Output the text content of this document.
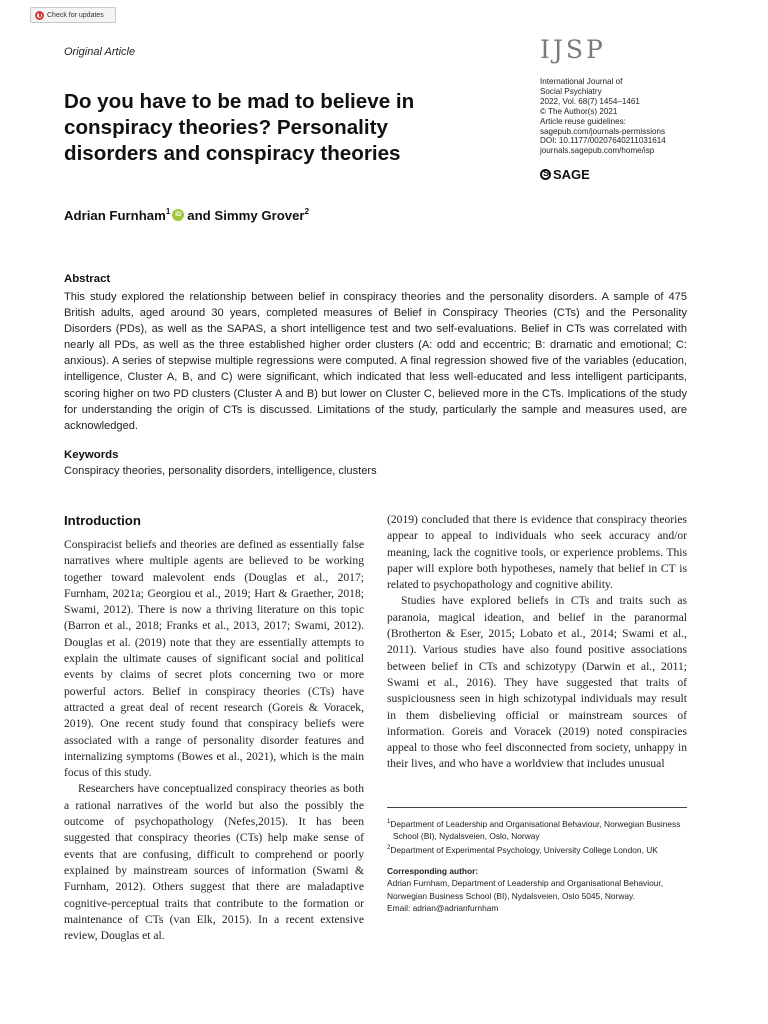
Check for updates
Original Article	IJSP
International Journal of
Social Psychiatry
2022, Vol. 68(7) 1454–1461
© The Author(s) 2021
Article reuse guidelines:
sagepub.com/journals-permissions
DOI: 10.1177/00207640211031614
journals.sagepub.com/home/isp
S
SAGE
Do you have to be mad to believe in conspiracy theories? Personality disorders and conspiracy theories
Adrian Furnham$^1$ iD and Simmy Grover$^2$
Abstract
This study explored the relationship between belief in conspiracy theories and the personality disorders. A sample of 475 British adults, aged around 30 years, completed measures of Belief in Conspiracy Theories (CTs) and the Personality Disorders (PDs), as well as the SAPAS, a short intelligence test and two self-evaluations. Belief in CTs was correlated with nearly all PDs, as well as the three established higher order clusters (A: odd and eccentric; B: dramatic and emotional; C: anxious). A series of stepwise multiple regressions were computed. A final regression showed five of the variables (education, intelligence, Cluster A, B, and C) were significant, which indicated that less well-educated and less intelligent participants, scoring higher on two PD clusters (Cluster A and B) but lower on Cluster C, believed more in the CTs. Implications of the study for understanding the origin of CTs is discussed. Limitations of the study, particularly the sample and measures used, are acknowledged.
Keywords
Conspiracy theories, personality disorders, intelligence, clusters
Introduction

Conspiracist beliefs and theories are defined as essentially false narratives where multiple agents are believed to be working together toward malevolent ends (Douglas et al., 2017; Furnham, 2021a; Georgiou et al., 2019; Hart & Graether, 2018; Swami, 2012). There is now a thriving literature on this topic (Barron et al., 2018; Franks et al., 2013, 2017; Swami, 2012). Douglas et al. (2019) note that they are essentially attempts to explain the ultimate causes of significant social and political events by claims of secret plots concerning two or more powerful actors. Belief in conspiracy theories (CTs) have attracted a great deal of recent research (Goreis & Voracek, 2019). One recent study found that conspiracy beliefs were associated with a range of personality disorder features and internalizing symptoms (Bowes et al., 2021), which is the main focus of this study.

Researchers have conceptualized conspiracy theories as both a rational narratives of the world but also the possibly the outcome of psychopathology (Nefes,2015). It has been suggested that conspiracy theories (CTs) help make sense of events that are confusing, difficult to comprehend or poorly explained by mainstream sources of information (Swami & Furnham, 2012). Others suggest that there are maladaptive cognitive-perceptual traits that contribute to the formation or maintenance of CTs (van Elk, 2015). In a recent extensive review, Douglas et al.

(2019) concluded that there is evidence that conspiracy theories appear to appeal to individuals who seek accuracy and/or meaning, lack the cognitive tools, or experience problems. This paper will explore both hypotheses, namely that belief in CT is related to psychopathology and cognitive ability.

Studies have explored beliefs in CTs and traits such as paranoia, magical ideation, and belief in the paranormal (Brotherton & Eser, 2015; Lobato et al., 2014; Swami et al., 2011). Various studies have also found positive associations between belief in CTs and schizotypy (Darwin et al., 2011; Swami et al., 2016). They have suggested that traits of suspiciousness seen in high schizotypal individuals may result in them disbelieving official or mainstream sources of information. Goreis and Voracek (2019) noted conspiracies appeal to those who feel disconnected from society, unhappy in their lives, and who have a worldview that includes unusual

$^1$Department of Leadership and Organisational Behaviour, Norwegian Business School (BI), Nydalsveien, Oslo, Norway

$^2$Department of Experimental Psychology, University College London, UK

Corresponding author:

Adrian Furnham, Department of Leadership and Organisational Behaviour, Norwegian Business School (BI), Nydalsveien, Oslo 5045, Norway.

Email: adrian@adrianfurnham
